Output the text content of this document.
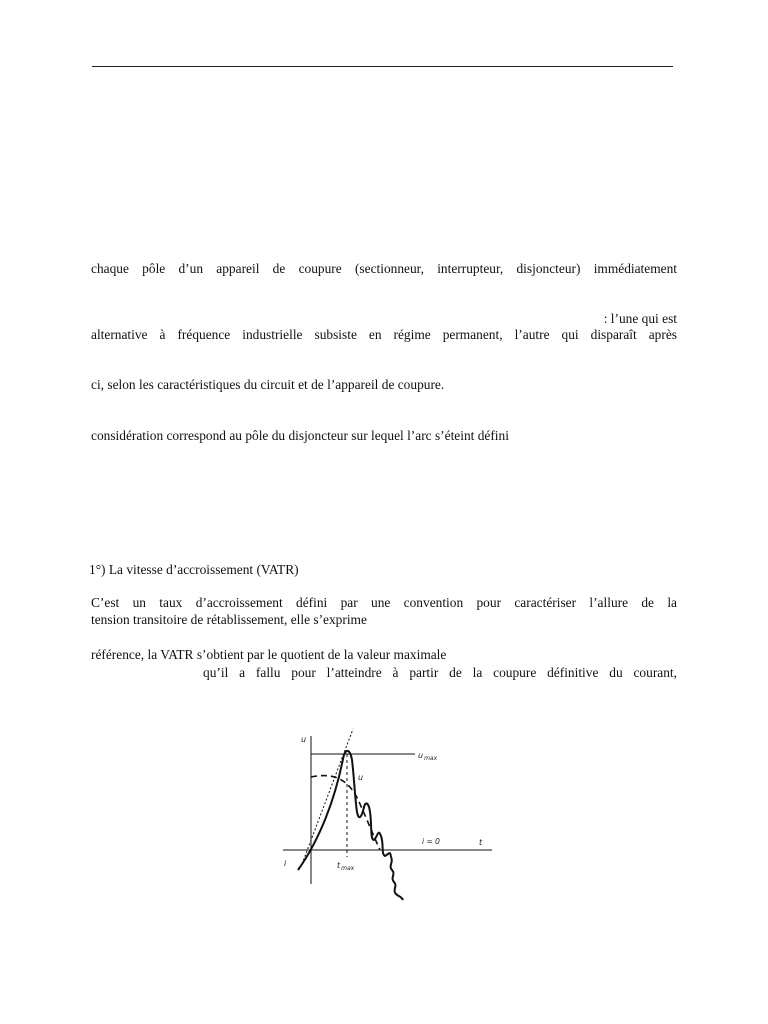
chaque pôle d’un appareil de coupure (sectionneur, interrupteur, disjoncteur) immédiatement
: l’une qui est
alternative à fréquence industrielle subsiste en régime permanent, l’autre qui disparaît après
ci, selon les caractéristiques du circuit et de l’appareil de coupure.
considération correspond au pôle du disjoncteur sur lequel l’arc s’éteint défini
1°) La vitesse d’accroissement (VATR)
C’est un taux d’accroissement défini par une convention pour caractériser l’allure de la
tension transitoire de rétablissement, elle s’exprime
référence, la VATR s’obtient par le quotient de la valeur maximale
qu’il a fallu pour l’atteindre à partir de la coupure définitive du courant,
u
t
i
$u_{max}$
u
i = 0
$t_{max}$
